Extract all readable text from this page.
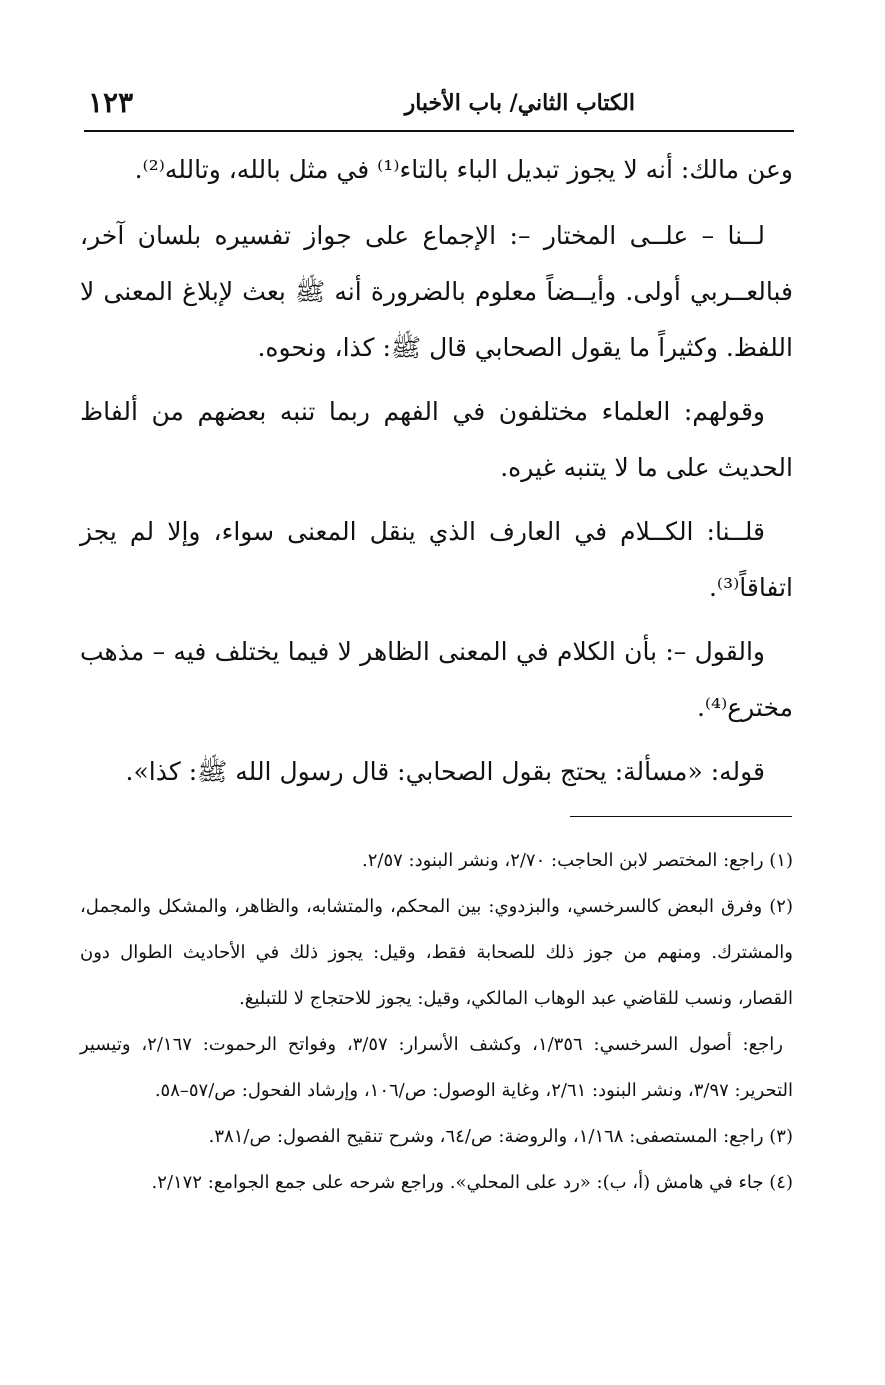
الكتاب الثاني/ باب الأخبار
١٢٣

وعن مالك: أنه لا يجوز تبديل الباء بالتاء⁽¹⁾ في مثل بالله، وتالله⁽²⁾.

لــنا – علــى المختار –: الإجماع على جواز تفسيره بلسان آخر، فبالعــربي أولى. وأيــضاً معلوم بالضرورة أنه ﷺ بعث لإبلاغ المعنى لا اللفظ. وكثيراً ما يقول الصحابي قال ﷺ: كذا، ونحوه.

وقولهم: العلماء مختلفون في الفهم ربما تنبه بعضهم من ألفاظ الحديث على ما لا يتنبه غيره.

قلــنا: الكــلام في العارف الذي ينقل المعنى سواء، وإلا لم يجز اتفاقاً⁽³⁾.

والقول –: بأن الكلام في المعنى الظاهر لا فيما يختلف فيه – مذهب مخترع⁽⁴⁾.

قوله: «مسألة: يحتج بقول الصحابي: قال رسول الله ﷺ: كذا».

(١) راجع: المختصر لابن الحاجب: ٢/٧٠، ونشر البنود: ٢/٥٧.

(٢) وفرق البعض كالسرخسي، والبزدوي: بين المحكم، والمتشابه، والظاهر، والمشكل والمجمل، والمشترك. ومنهم من جوز ذلك للصحابة فقط، وقيل: يجوز ذلك في الأحاديث الطوال دون القصار، ونسب للقاضي عبد الوهاب المالكي، وقيل: يجوز للاحتجاج لا للتبليغ.

راجع: أصول السرخسي: ١/٣٥٦، وكشف الأسرار: ٣/٥٧، وفواتح الرحموت: ٢/١٦٧، وتيسير التحرير: ٣/٩٧، ونشر البنود: ٢/٦١، وغاية الوصول: ص/١٠٦، وإرشاد الفحول: ص/٥٧–٥٨.

(٣) راجع: المستصفى: ١/١٦٨، والروضة: ص/٦٤، وشرح تنقيح الفصول: ص/٣٨١.

(٤) جاء في هامش (أ، ب): «رد على المحلي». وراجع شرحه على جمع الجوامع: ٢/١٧٢.
